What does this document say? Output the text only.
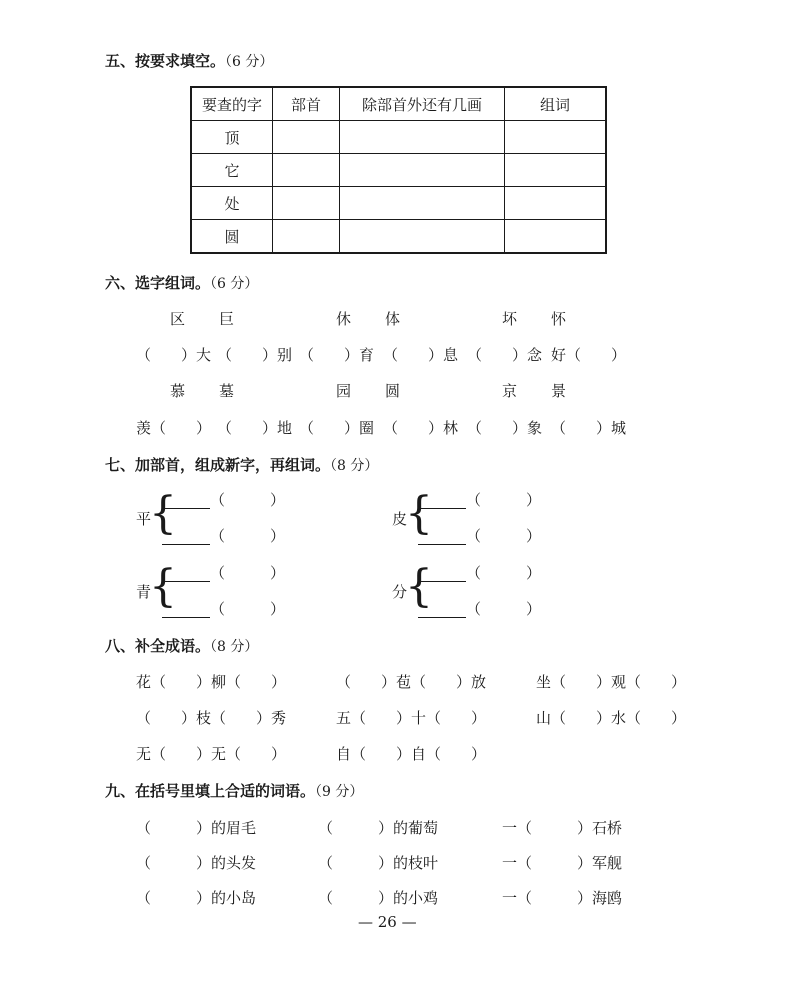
五、按要求填空。（6 分）
要查的字	部首	除部首外还有几画	组词
顶			
它			
处			
圆			
六、选字组词。（6 分）
区 巨	休 体	坏 怀
（　　）大 （　　）别 （　　）育 （　　）息 （　　）念 好（　　）
慕 墓	园 圆	京 景
羡（　　） （　　）地 （　　）圈 （　　）林 （　　）象 （　　）城
七、加部首，组成新字，再组词。（8 分）
平
{ （　　　）
（　　　）
皮
{ （　　　）
（　　　）
青
{ （　　　）
（　　　）
分
{ （　　　）
（　　　）
八、补全成语。（8 分）
花（　　）柳（　　）	（　　）苞（　　）放	坐（　　）观（　　）
（　　）枝（　　）秀	五（　　）十（　　）	山（　　）水（　　）
无（　　）无（　　）	自（　　）自（　　）
九、在括号里填上合适的词语。（9 分）
（　　　）的眉毛	（　　　）的葡萄	一（　　　）石桥
（　　　）的头发	（　　　）的枝叶	一（　　　）军舰
（　　　）的小岛	（　　　）的小鸡	一（　　　）海鸥
— 26 —
